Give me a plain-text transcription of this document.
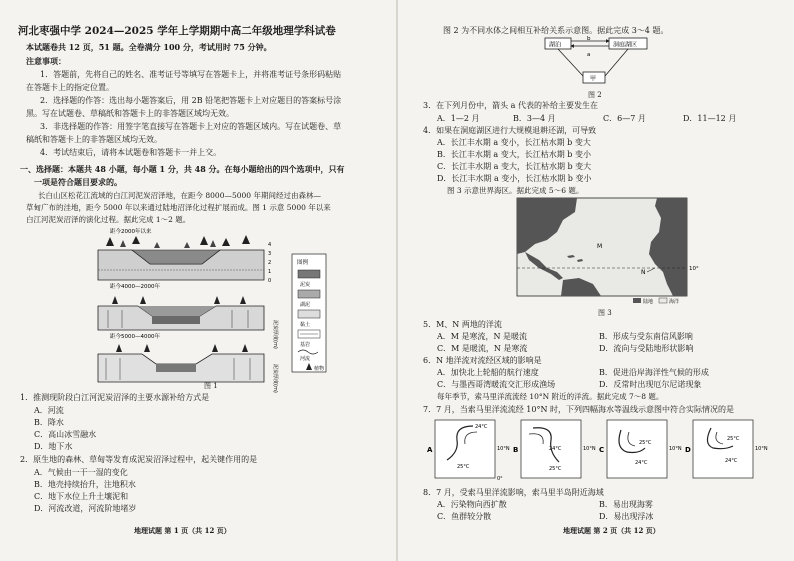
河北枣强中学 2024—2025 学年上学期期中高二年级地理学科试卷
本试题卷共 12 页，51 题。全卷满分 100 分，考试用时 75 分钟。
注意事项：
1．答题前，先将自己的姓名、准考证号等填写在答题卡上，并将准考证号条形码粘贴
在答题卡上的指定位置。
2．选择题的作答：选出每小题答案后，用 2B 铅笔把答题卡上对应题目的答案标号涂
黑。写在试题卷、草稿纸和答题卡上的非答题区域均无效。
3．非选择题的作答：用签字笔直接写在答题卡上对应的答题区域内。写在试题卷、草
稿纸和答题卡上的非答题区域均无效。
4．考试结束后，请将本试题卷和答题卡一并上交。
一、选择题：本题共 48 小题，每小题 1 分，共 48 分。在每小题给出的四个选项中，只有
一项是符合题目要求的。
长白山区松花江流域的白江河泥炭沼泽地，在距今 8000—5000 年期间经过由森林—
草甸广布的洼地，距今 5000 年以来通过陆地沼泽化过程扩展而成。图 1 示意 5000 年以来
白江河泥炭沼泽的演化过程。据此完成 1～2 题。
距今2000年以来
4
3
2
1
0
距今4000—2000年
泥炭厚度(m)
距今5000—4000年
泥炭厚度(m)
图例
泥炭
湖泥
黏土
基岩
河流
植物
图 1
1．推测现阶段白江河泥炭沼泽的主要水源补给方式是
A．河流
B．降水
C．高山冰雪融水
D．地下水
2．原生地的森林、草甸等发育成泥炭沼泽过程中，起关键作用的是
A．气候由一干一湿的变化
B．地壳持续抬升，注地积水
C．地下水位上升土壤泥和
D．河流改道，河流阶地堵岁
地理试题 第 1 页（共 12 页）
图 2 为不同水体之间相互补给关系示意图。据此完成 3～4 题。
湖泊	洞庭湖区
a
b
甲
图 2
3．在下列月份中，箭头 a 代表的补给主要发生在
A．1—2 月	B．3—4 月	C．6—7 月	D．11—12 月
4．如果在洞庭湖区进行大规模退耕还湖，可导致
A．长江丰水期 a 变小，长江枯水期 b 变大
B．长江丰水期 a 变大，长江枯水期 b 变小
C．长江丰水期 a 变大，长江枯水期 b 变大
D．长江丰水期 a 变小，长江枯水期 b 变小
图 3 示意世界海区。据此完成 5～6 题。
10°
M
N
陆地	海洋
图 3
5．M、N 两地的洋流
A．M 是寒流，N 是暖流	B．形成与受东南信风影响
C．M 是暖流，N 是寒流	D．流向与受陆地形状影响
6．N 地洋流对流经区域的影响是
A．加快北上轮船的航行速度	B．促进沿岸海洋性气候的形成
C．与墨西哥湾暖流交汇形成渔场	D．反常时出现厄尔尼诺现象
每年季节，索马里洋流流经 10°N 附近的洋流。据此完成 7～8 题。
7．7 月，当索马里洋流流经 10°N 时，下列四幅海水等温线示意图中符合实际情况的是
25°C
24°C
10°N
0°
A
25°C
24°C	10°N
B
25°C
24°C
10°N
C
25°C
24°C
10°N
D
8．7 月，受索马里洋流影响，索马里半岛附近海域
A．污染物向西扩散	B．易出现海雾
C．鱼群较分散	D．易出现浮冰
地理试题 第 2 页（共 12 页）
